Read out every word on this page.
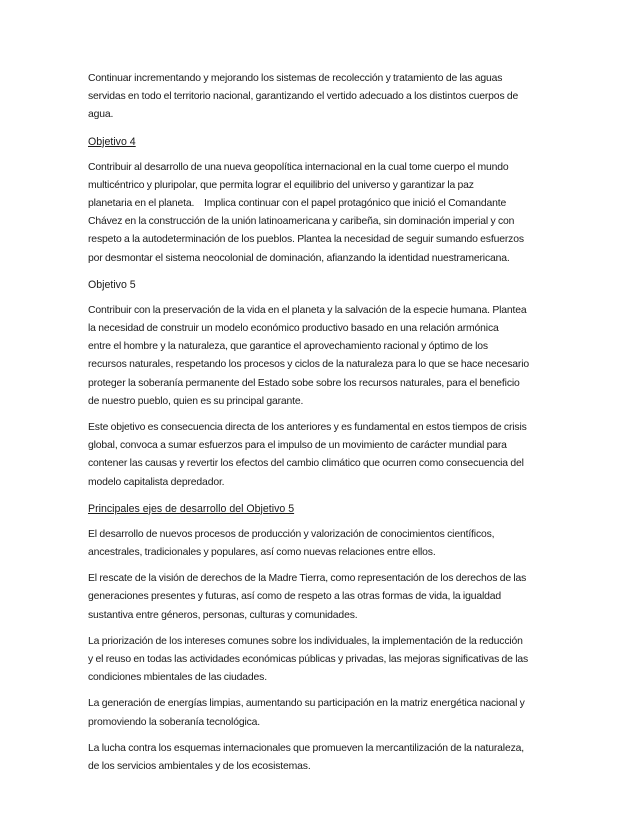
Continuar incrementando y mejorando los sistemas de recolección y tratamiento de las aguas
servidas en todo el territorio nacional, garantizando el vertido adecuado a los distintos cuerpos de
agua.

Objetivo 4

Contribuir al desarrollo de una nueva geopolítica internacional en la cual tome cuerpo el mundo
multicéntrico y pluripolar, que permita lograr el equilibrio del universo y garantizar la paz
planetaria en el planeta.    Implica continuar con el papel protagónico que inició el Comandante
Chávez en la construcción de la unión latinoamericana y caribeña, sin dominación imperial y con
respeto a la autodeterminación de los pueblos. Plantea la necesidad de seguir sumando esfuerzos
por desmontar el sistema neocolonial de dominación, afianzando la identidad nuestramericana.

Objetivo 5

Contribuir con la preservación de la vida en el planeta y la salvación de la especie humana. Plantea
la necesidad de construir un modelo económico productivo basado en una relación armónica
entre el hombre y la naturaleza, que garantice el aprovechamiento racional y óptimo de los
recursos naturales, respetando los procesos y ciclos de la naturaleza para lo que se hace necesario
proteger la soberanía permanente del Estado sobe sobre los recursos naturales, para el beneficio
de nuestro pueblo, quien es su principal garante.

Este objetivo es consecuencia directa de los anteriores y es fundamental en estos tiempos de crisis
global, convoca a sumar esfuerzos para el impulso de un movimiento de carácter mundial para
contener las causas y revertir los efectos del cambio climático que ocurren como consecuencia del
modelo capitalista depredador.

Principales ejes de desarrollo del Objetivo 5

El desarrollo de nuevos procesos de producción y valorización de conocimientos científicos,
ancestrales, tradicionales y populares, así como nuevas relaciones entre ellos.

El rescate de la visión de derechos de la Madre Tierra, como representación de los derechos de las
generaciones presentes y futuras, así como de respeto a las otras formas de vida, la igualdad
sustantiva entre géneros, personas, culturas y comunidades.

La priorización de los intereses comunes sobre los individuales, la implementación de la reducción
y el reuso en todas las actividades económicas públicas y privadas, las mejoras significativas de las
condiciones mbientales de las ciudades.

La generación de energías limpias, aumentando su participación en la matriz energética nacional y
promoviendo la soberanía tecnológica.

La lucha contra los esquemas internacionales que promueven la mercantilización de la naturaleza,
de los servicios ambientales y de los ecosistemas.
